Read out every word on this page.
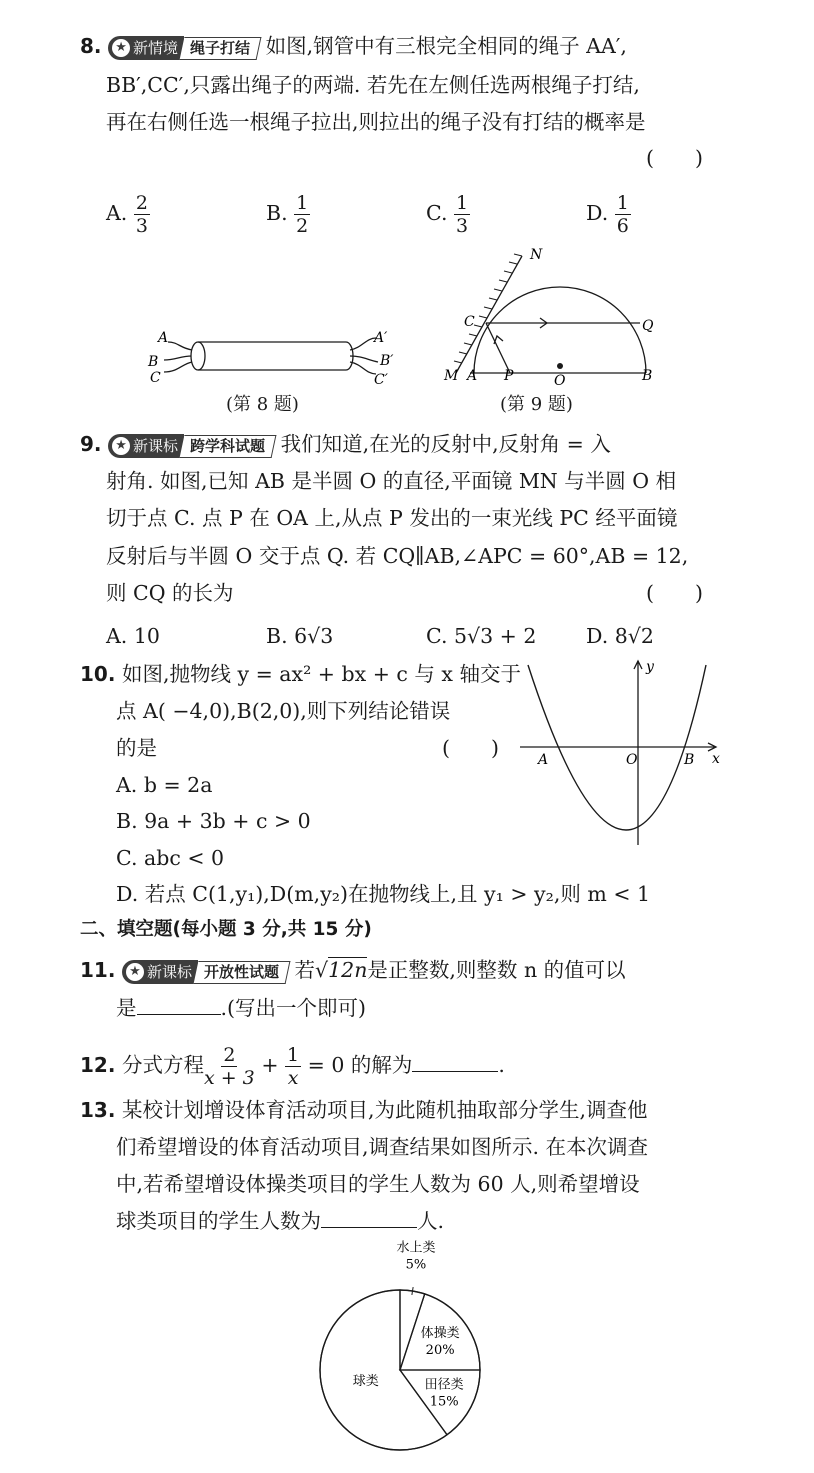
8. ★ 新情境 绳子打结 如图,钢管中有三根完全相同的绳子 AA′,
BB′,CC′,只露出绳子的两端. 若先在左侧任选两根绳子打结,
再在右侧任选一根绳子拉出,则拉出的绳子没有打结的概率是
(　　)
A. $\frac{2}{3}$	B. $\frac{1}{2}$	C. $\frac{1}{3}$	D. $\frac{1}{6}$
A
B
C
A′
B′
C′
(第 8 题)
N
C	Q
M A P	O	B
(第 9 题)
9. ★ 新课标 跨学科试题 我们知道,在光的反射中,反射角 = 入
射角. 如图,已知 AB 是半圆 O 的直径,平面镜 MN 与半圆 O 相
切于点 C. 点 P 在 OA 上,从点 P 发出的一束光线 PC 经平面镜
反射后与半圆 O 交于点 Q. 若 CQ∥AB,∠APC = 60°,AB = 12,
则 CQ 的长为	(　　)
A. 10	B. 6√3	C. 5√3 + 2 D. 8√2
10. 如图,抛物线 y = ax² + bx + c 与 x 轴交于
点 A( −4,0),B(2,0),则下列结论错误
的是	(　　)
A. b = 2a
B. 9a + 3b + c > 0
C. abc < 0
D. 若点 C(1,y₁),D(m,y₂)在抛物线上,且 y₁ > y₂,则 m < 1
y
x
A	O	B
二、填空题(每小题 3 分,共 15 分)
11. ★ 新课标 开放性试题 若√12n是正整数,则整数 n 的值可以
是	.(写出一个即可)
12. 分式方程 $\frac{2}{x + 3} + \frac{1}{x} = 0$ 的解为	.
13. 某校计划增设体育活动项目,为此随机抽取部分学生,调查他
们希望增设的体育活动项目,调查结果如图所示. 在本次调查
中,若希望增设体操类项目的学生人数为 60 人,则希望增设
球类项目的学生人数为	人.
水上类
5%
体操类
20%
田径类
15%
球类
